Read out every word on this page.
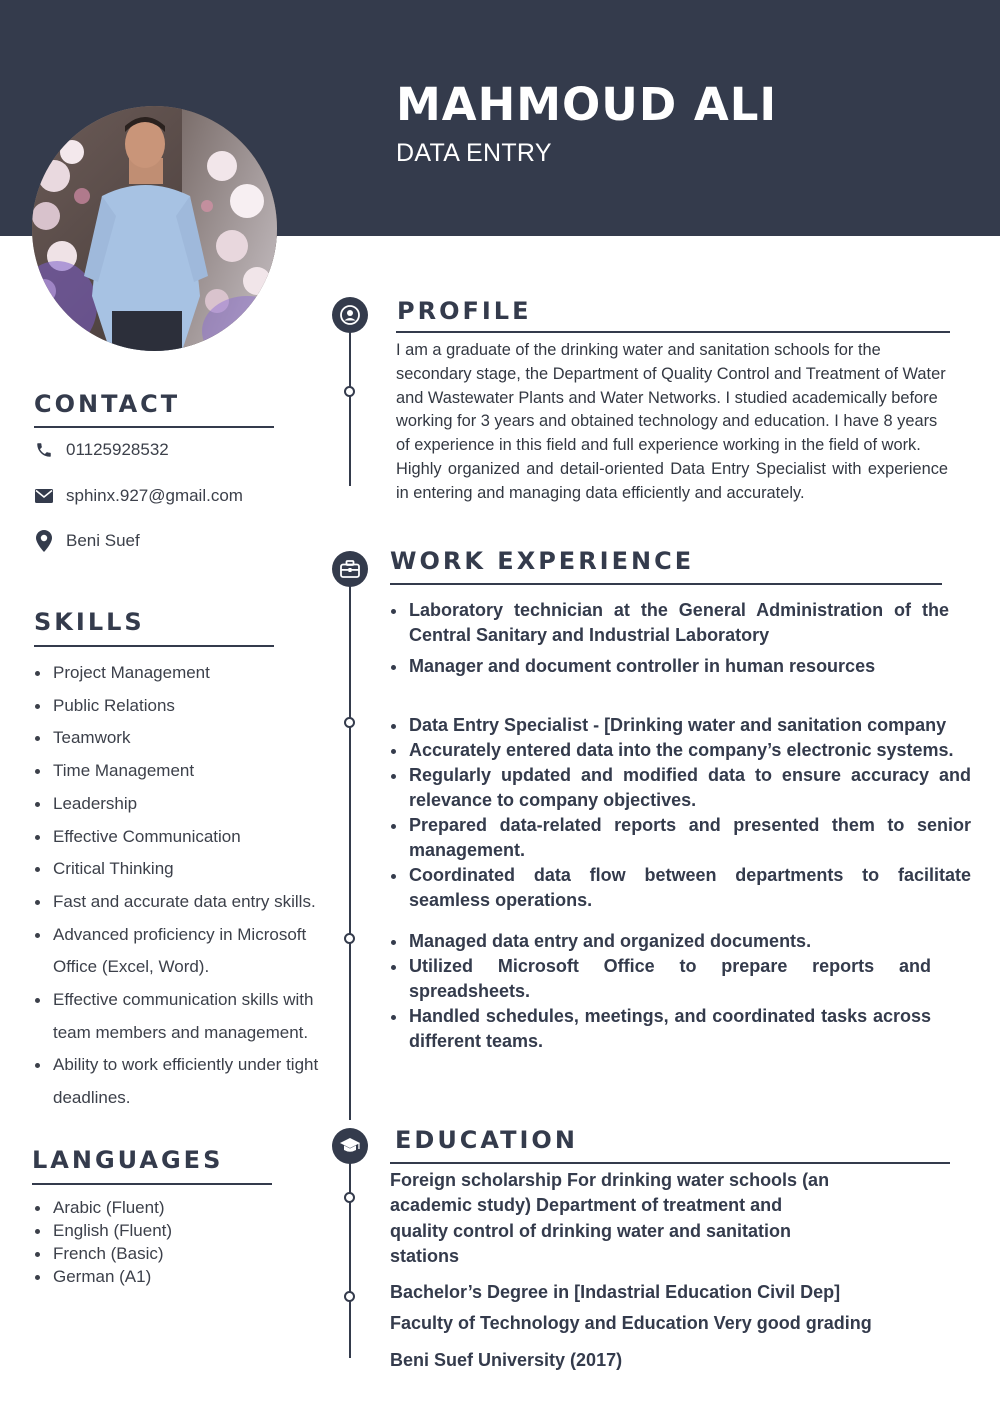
MAHMOUD ALI
DATA ENTRY
CONTACT
01125928532
sphinx.927@gmail.com
Beni Suef
SKILLS
Project Management
Public Relations
Teamwork
Time Management
Leadership
Effective Communication
Critical Thinking
Fast and accurate data entry skills.
Advanced proficiency in Microsoft Office (Excel, Word).
Effective communication skills with team members and management.
Ability to work efficiently under tight deadlines.
LANGUAGES
Arabic (Fluent)
English (Fluent)
French (Basic)
German (A1)
PROFILE

I am a graduate of the drinking water and sanitation schools for the secondary stage, the Department of Quality Control and Treatment of Water and Wastewater Plants and Water Networks. I studied academically before working for 3 years and obtained technology and education. I have 8 years of experience in this field and full experience working in the field of work.

Highly organized and detail-oriented Data Entry Specialist with experience in entering and managing data efficiently and accurately.

WORK EXPERIENCE
Laboratory technician at the General Administration of the Central Sanitary and Industrial Laboratory
Manager and document controller in human resources
Data Entry Specialist - [Drinking water and sanitation company
Accurately entered data into the company’s electronic systems.
Regularly updated and modified data to ensure accuracy and relevance to company objectives.
Prepared data-related reports and presented them to senior management.
Coordinated data flow between departments to facilitate seamless operations.
Managed data entry and organized documents.
Utilized Microsoft Office to prepare reports and spreadsheets.
Handled schedules, meetings, and coordinated tasks across different teams.
EDUCATION
Foreign scholarship For drinking water schools (an academic study) Department of treatment and quality control of drinking water and sanitation stations
Bachelor’s Degree in [Indastrial Education Civil Dep]
Faculty of Technology and Education Very good grading
Beni Suef University (2017)
